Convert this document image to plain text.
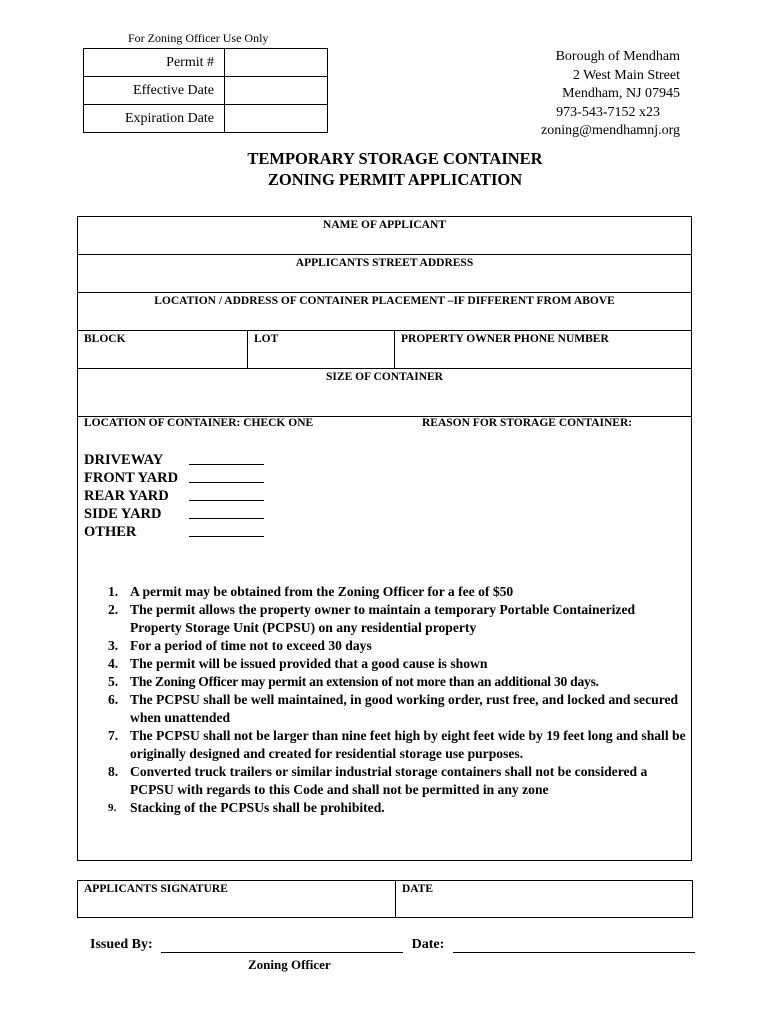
For Zoning Officer Use Only
Permit #	
Effective Date	
Expiration Date	
Borough of Mendham
2 West Main Street
Mendham, NJ 07945
973-543-7152 x23
zoning@mendhamnj.org
TEMPORARY STORAGE CONTAINER
ZONING PERMIT APPLICATION
NAME OF APPLICANT
APPLICANTS STREET ADDRESS
LOCATION / ADDRESS OF CONTAINER PLACEMENT –IF DIFFERENT FROM ABOVE
BLOCK	LOT	PROPERTY OWNER PHONE NUMBER
SIZE OF CONTAINER
LOCATION OF CONTAINER: CHECK ONE	REASON FOR STORAGE CONTAINER:
DRIVEWAY
FRONT YARD
REAR YARD
SIDE YARD
OTHER
1. A permit may be obtained from the Zoning Officer for a fee of $50
2. The permit allows the property owner to maintain a temporary Portable Containerized Property Storage Unit (PCPSU) on any residential property
3. For a period of time not to exceed 30 days
4. The permit will be issued provided that a good cause is shown
5. The Zoning Officer may permit an extension of not more than an additional 30 days.
6. The PCPSU shall be well maintained, in good working order, rust free, and locked and secured when unattended
7. The PCPSU shall not be larger than nine feet high by eight feet wide by 19 feet long and shall be originally designed and created for residential storage use purposes.
8. Converted truck trailers or similar industrial storage containers shall not be considered a PCPSU with regards to this Code and shall not be permitted in any zone
9. Stacking of the PCPSUs shall be prohibited.
APPLICANTS SIGNATURE	DATE
Issued By:	Date:
Zoning Officer
